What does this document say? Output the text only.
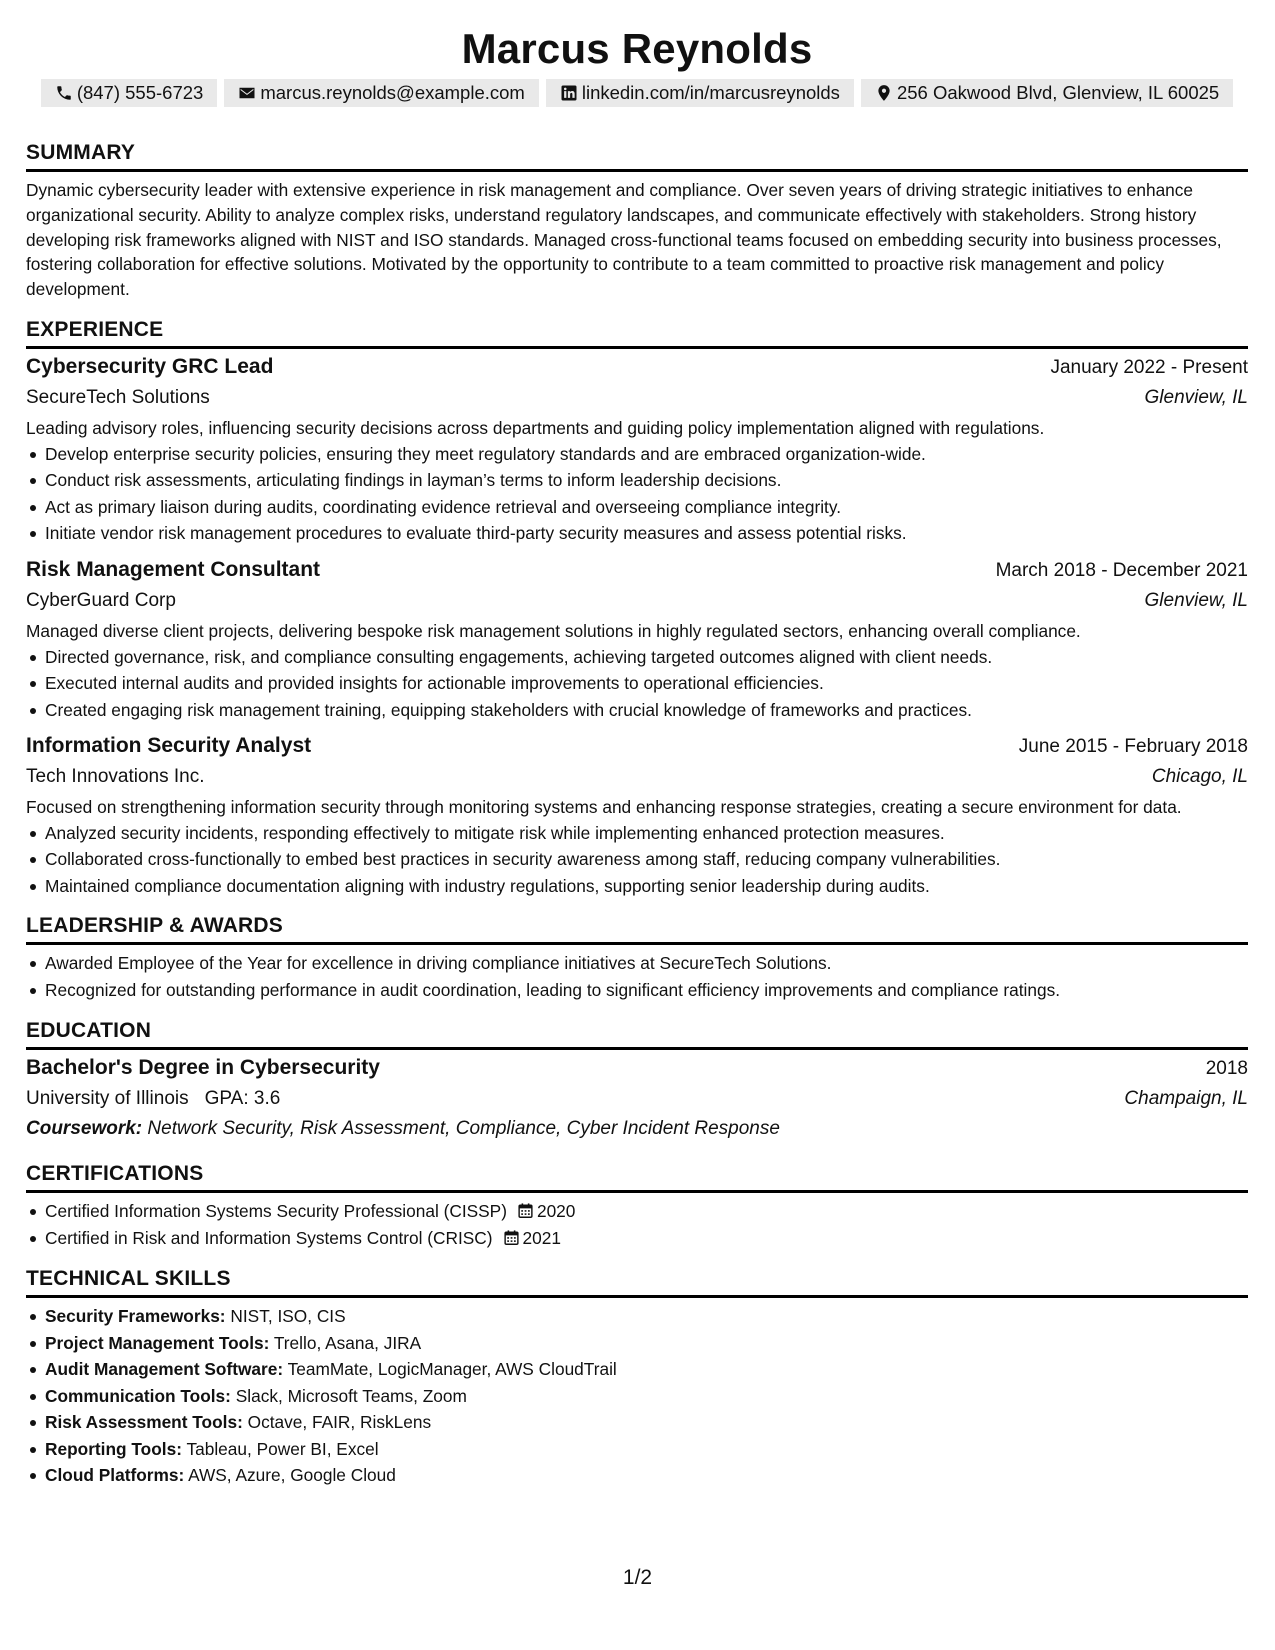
Marcus Reynolds
(847) 555-6723	marcus.reynolds@example.com	linkedin.com/in/marcusreynolds	256 Oakwood Blvd, Glenview, IL 60025
SUMMARY
Dynamic cybersecurity leader with extensive experience in risk management and compliance. Over seven years of driving strategic initiatives to enhance organizational security. Ability to analyze complex risks, understand regulatory landscapes, and communicate effectively with stakeholders. Strong history developing risk frameworks aligned with NIST and ISO standards. Managed cross-functional teams focused on embedding security into business processes, fostering collaboration for effective solutions. Motivated by the opportunity to contribute to a team committed to proactive risk management and policy development.
EXPERIENCE
Cybersecurity GRC Lead	January 2022 - Present
SecureTech Solutions	Glenview, IL
Leading advisory roles, influencing security decisions across departments and guiding policy implementation aligned with regulations.
Develop enterprise security policies, ensuring they meet regulatory standards and are embraced organization-wide.
Conduct risk assessments, articulating findings in layman’s terms to inform leadership decisions.
Act as primary liaison during audits, coordinating evidence retrieval and overseeing compliance integrity.
Initiate vendor risk management procedures to evaluate third-party security measures and assess potential risks.
Risk Management Consultant	March 2018 - December 2021
CyberGuard Corp	Glenview, IL
Managed diverse client projects, delivering bespoke risk management solutions in highly regulated sectors, enhancing overall compliance.
Directed governance, risk, and compliance consulting engagements, achieving targeted outcomes aligned with client needs.
Executed internal audits and provided insights for actionable improvements to operational efficiencies.
Created engaging risk management training, equipping stakeholders with crucial knowledge of frameworks and practices.
Information Security Analyst	June 2015 - February 2018
Tech Innovations Inc.	Chicago, IL
Focused on strengthening information security through monitoring systems and enhancing response strategies, creating a secure environment for data.
Analyzed security incidents, responding effectively to mitigate risk while implementing enhanced protection measures.
Collaborated cross-functionally to embed best practices in security awareness among staff, reducing company vulnerabilities.
Maintained compliance documentation aligning with industry regulations, supporting senior leadership during audits.
LEADERSHIP & AWARDS
Awarded Employee of the Year for excellence in driving compliance initiatives at SecureTech Solutions.
Recognized for outstanding performance in audit coordination, leading to significant efficiency improvements and compliance ratings.
EDUCATION
Bachelor's Degree in Cybersecurity	2018
University of Illinois GPA: 3.6	Champaign, IL
Coursework: Network Security, Risk Assessment, Compliance, Cyber Incident Response
CERTIFICATIONS
Certified Information Systems Security Professional (CISSP) 2020
Certified in Risk and Information Systems Control (CRISC) 2021
TECHNICAL SKILLS
Security Frameworks: NIST, ISO, CIS
Project Management Tools: Trello, Asana, JIRA
Audit Management Software: TeamMate, LogicManager, AWS CloudTrail
Communication Tools: Slack, Microsoft Teams, Zoom
Risk Assessment Tools: Octave, FAIR, RiskLens
Reporting Tools: Tableau, Power BI, Excel
Cloud Platforms: AWS, Azure, Google Cloud
1/2
